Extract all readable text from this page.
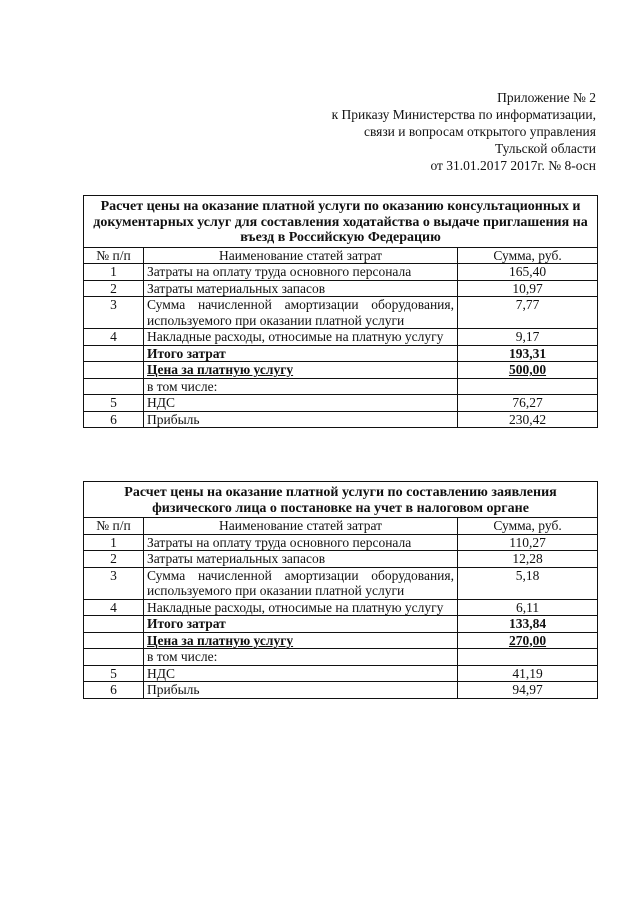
Приложение № 2
к Приказу Министерства по информатизации,
связи и вопросам открытого управления
Тульской области
от 31.01.2017 2017г. № 8-осн
Расчет цены на оказание платной услуги по оказанию консультационных и документарных услуг для составления ходатайства о выдаче приглашения на въезд в Российскую Федерацию		
№ п/п	Наименование статей затрат	Сумма, руб.
1	Затраты на оплату труда основного персонала	165,40
2	Затраты материальных запасов	10,97
3	Сумма начисленной амортизации оборудования, используемого при оказании платной услуги	7,77
4	Накладные расходы, относимые на платную услугу	9,17
	Итого затрат	193,31
	Цена за платную услугу	500,00
	в том числе:	
5	НДС	76,27
6	Прибыль	230,42
Расчет цены на оказание платной услуги по составлению заявления физического лица о постановке на учет в налоговом органе		
№ п/п	Наименование статей затрат	Сумма, руб.
1	Затраты на оплату труда основного персонала	110,27
2	Затраты материальных запасов	12,28
3	Сумма начисленной амортизации оборудования, используемого при оказании платной услуги	5,18
4	Накладные расходы, относимые на платную услугу	6,11
	Итого затрат	133,84
	Цена за платную услугу	270,00
	в том числе:	
5	НДС	41,19
6	Прибыль	94,97
